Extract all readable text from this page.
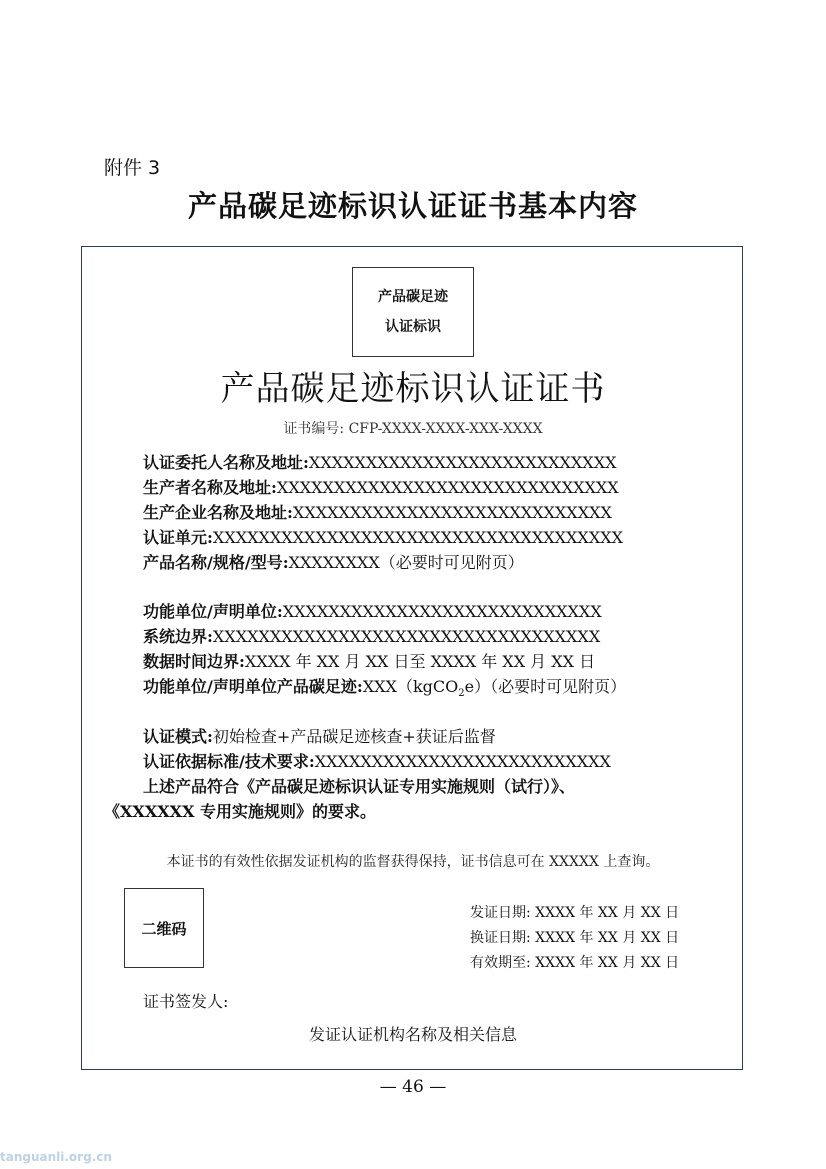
附件 3
产品碳足迹标识认证证书基本内容
产品碳足迹
认证标识
产品碳足迹标识认证证书
证书编号: CFP-XXXX-XXXX-XXX-XXXX
认证委托人名称及地址:XXXXXXXXXXXXXXXXXXXXXXXXXXX
生产者名称及地址:XXXXXXXXXXXXXXXXXXXXXXXXXXXXXX
生产企业名称及地址:XXXXXXXXXXXXXXXXXXXXXXXXXXXX
认证单元:XXXXXXXXXXXXXXXXXXXXXXXXXXXXXXXXXXXX
产品名称/规格/型号:XXXXXXXX（必要时可见附页）
功能单位/声明单位:XXXXXXXXXXXXXXXXXXXXXXXXXXXX
系统边界:XXXXXXXXXXXXXXXXXXXXXXXXXXXXXXXXXX
数据时间边界:XXXX 年 XX 月 XX 日至 XXXX 年 XX 月 XX 日
功能单位/声明单位产品碳足迹:XXX（kgCO$_2$e）（必要时可见附页）
认证模式:初始检查+产品碳足迹核查+获证后监督
认证依据标准/技术要求:XXXXXXXXXXXXXXXXXXXXXXXXXX
上述产品符合《产品碳足迹标识认证专用实施规则（试行）》、
《XXXXXX 专用实施规则》的要求。
本证书的有效性依据发证机构的监督获得保持，证书信息可在 XXXXX 上查询。
二维码
发证日期: XXXX 年 XX 月 XX 日
换证日期: XXXX 年 XX 月 XX 日
有效期至: XXXX 年 XX 月 XX 日
证书签发人:
发证认证机构名称及相关信息
— 46 —
tanguanli.org.cn
